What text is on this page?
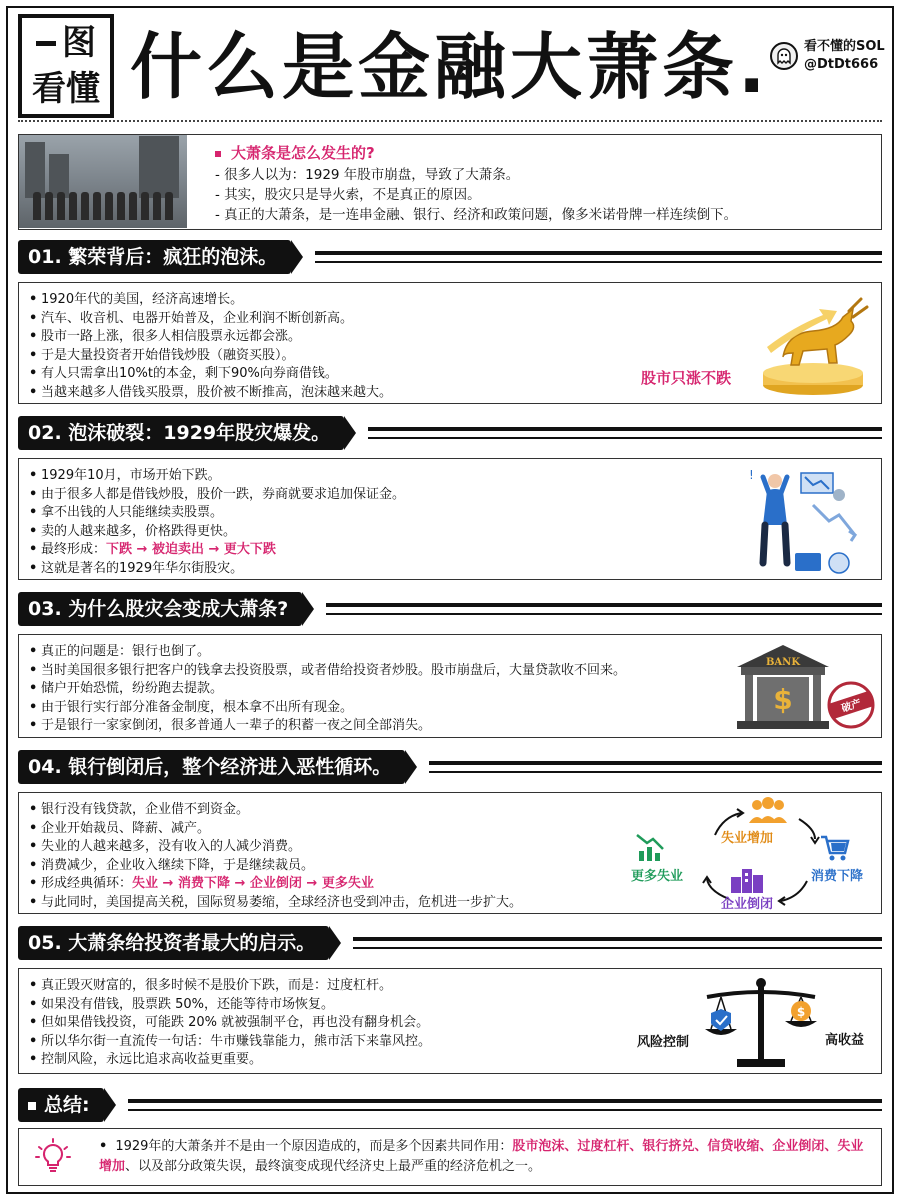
图
看懂 什么是金融大萧条.	看不懂的SOL
@DtDt666
大萧条是怎么发生的?
- 很多人以为：1929 年股市崩盘，导致了大萧条。
- 其实，股灾只是导火索，不是真正的原因。
- 真正的大萧条，是一连串金融、银行、经济和政策问题，像多米诺骨牌一样连续倒下。
01. 繁荣背后：疯狂的泡沫。
• 1920年代的美国，经济高速增长。
• 汽车、收音机、电器开始普及，企业利润不断创新高。
• 股市一路上涨，很多人相信股票永远都会涨。
• 于是大量投资者开始借钱炒股（融资买股）。
• 有人只需拿出10%t的本金，剩下90%向券商借钱。
• 当越来越多人借钱买股票，股价被不断推高，泡沫越来越大。
股市只涨不跌
02. 泡沫破裂：1929年股灾爆发。
• 1929年10月，市场开始下跌。
• 由于很多人都是借钱炒股，股价一跌，券商就要求追加保证金。
• 拿不出钱的人只能继续卖股票。
• 卖的人越来越多，价格跌得更快。
• 最终形成：下跌 → 被迫卖出 → 更大下跌
• 这就是著名的1929年华尔街股灾。
!
03. 为什么股灾会变成大萧条?
• 真正的问题是：银行也倒了。
• 当时美国很多银行把客户的钱拿去投资股票，或者借给投资者炒股。股市崩盘后，大量贷款收不回来。
• 储户开始恐慌，纷纷跑去提款。
• 由于银行实行部分准备金制度，根本拿不出所有现金。
• 于是银行一家家倒闭，很多普通人一辈子的积蓄一夜之间全部消失。
$
BANK
破产
04. 银行倒闭后，整个经济进入恶性循环。
• 银行没有钱贷款，企业借不到资金。
• 企业开始裁员、降薪、减产。
• 失业的人越来越多，没有收入的人减少消费。
• 消费减少，企业收入继续下降，于是继续裁员。
• 形成经典循环：失业 → 消费下降 → 企业倒闭 → 更多失业
• 与此同时，美国提高关税，国际贸易萎缩，全球经济也受到冲击，危机进一步扩大。
失业增加
消费下降
更多失业
企业倒闭
05. 大萧条给投资者最大的启示。
• 真正毁灭财富的，很多时候不是股价下跌，而是：过度杠杆。
• 如果没有借钱，股票跌 50%，还能等待市场恢复。
• 但如果借钱投资，可能跌 20% 就被强制平仓，再也没有翻身机会。
• 所以华尔街一直流传一句话：牛市赚钱靠能力，熊市活下来靠风控。
• 控制风险，永远比追求高收益更重要。
风险控制	高收益
$
总结:
• 1929年的大萧条并不是由一个原因造成的，而是多个因素共同作用：股市泡沫、过度杠杆、银行挤兑、信贷收缩、企业倒闭、失业增加、以及部分政策失误，最终演变成现代经济史上最严重的经济危机之一。
